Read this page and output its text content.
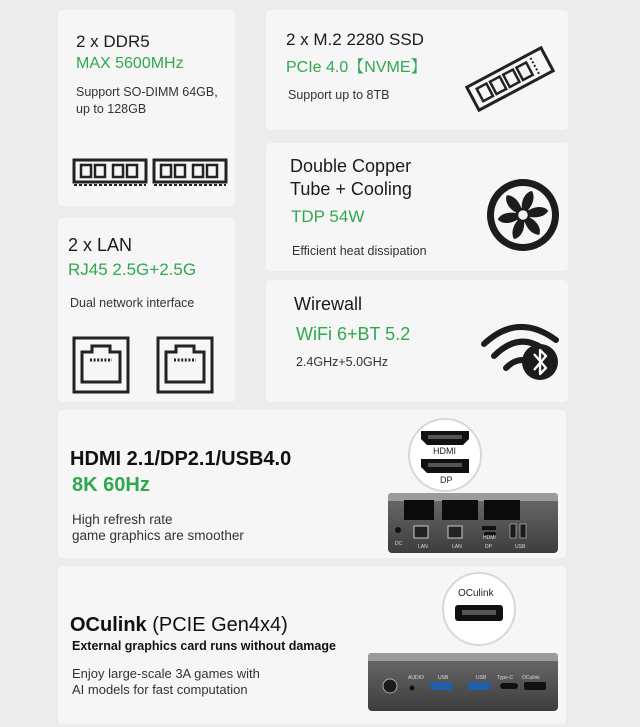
2 x DDR5
MAX 5600MHz
Support SO-DIMM 64GB,
up to 128GB
2 x M.2 2280 SSD
PCIe 4.0【NVME】
Support up to 8TB
Double Copper
Tube + Cooling
TDP 54W
Efficient heat dissipation
2 x LAN
RJ45 2.5G+2.5G
Dual network interface	Wirewall
WiFi 6+BT 5.2
2.4GHz+5.0GHz
HDMI 2.1/DP2.1/USB4.0
8K 60Hz
High refresh rate
game graphics are smoother
DC	LAN	LAN	DP
HDMI
USB
HDMI
DP
OCulink (PCIE Gen4x4)
External graphics card runs without damage
Enjoy large-scale 3A games with
AI models for fast computation
AUDIO	USB	USB Type-C OCulink
OCulink
